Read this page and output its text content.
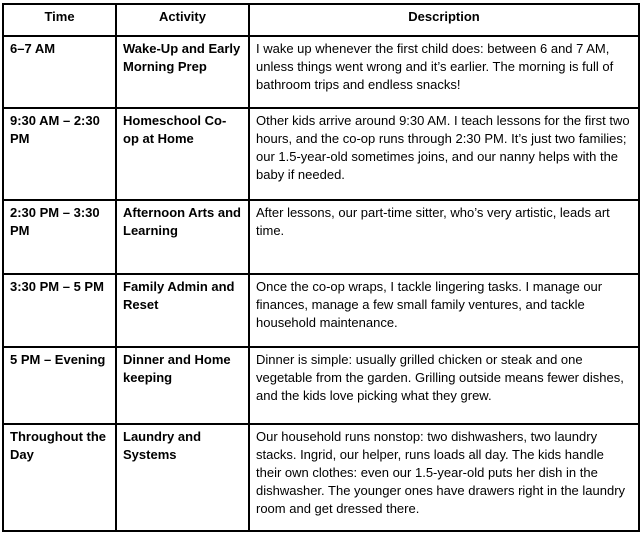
Time	Activity	Description
6–7 AM	Wake-Up and Early Morning Prep	I wake up whenever the first child does: between 6 and 7 AM, unless things went wrong and it’s earlier. The morning is full of bathroom trips and endless snacks!
9:30 AM – 2:30 PM	Homeschool Co-op at Home	Other kids arrive around 9:30 AM. I teach lessons for the first two hours, and the co-op runs through 2:30 PM. It’s just two families; our 1.5-year-old sometimes joins, and our nanny helps with the baby if needed.
2:30 PM – 3:30 PM	Afternoon Arts and Learning	After lessons, our part-time sitter, who’s very artistic, leads art time.
3:30 PM – 5 PM	Family Admin and Reset	Once the co-op wraps, I tackle lingering tasks. I manage our finances, manage a few small family ventures, and tackle household maintenance.
5 PM – Evening	Dinner and Home keeping	Dinner is simple: usually grilled chicken or steak and one vegetable from the garden. Grilling outside means fewer dishes, and the kids love picking what they grew.
Throughout the Day	Laundry and Systems	Our household runs nonstop: two dishwashers, two laundry stacks. Ingrid, our helper, runs loads all day. The kids handle their own clothes: even our 1.5-year-old puts her dish in the dishwasher. The younger ones have drawers right in the laundry room and get dressed there.
